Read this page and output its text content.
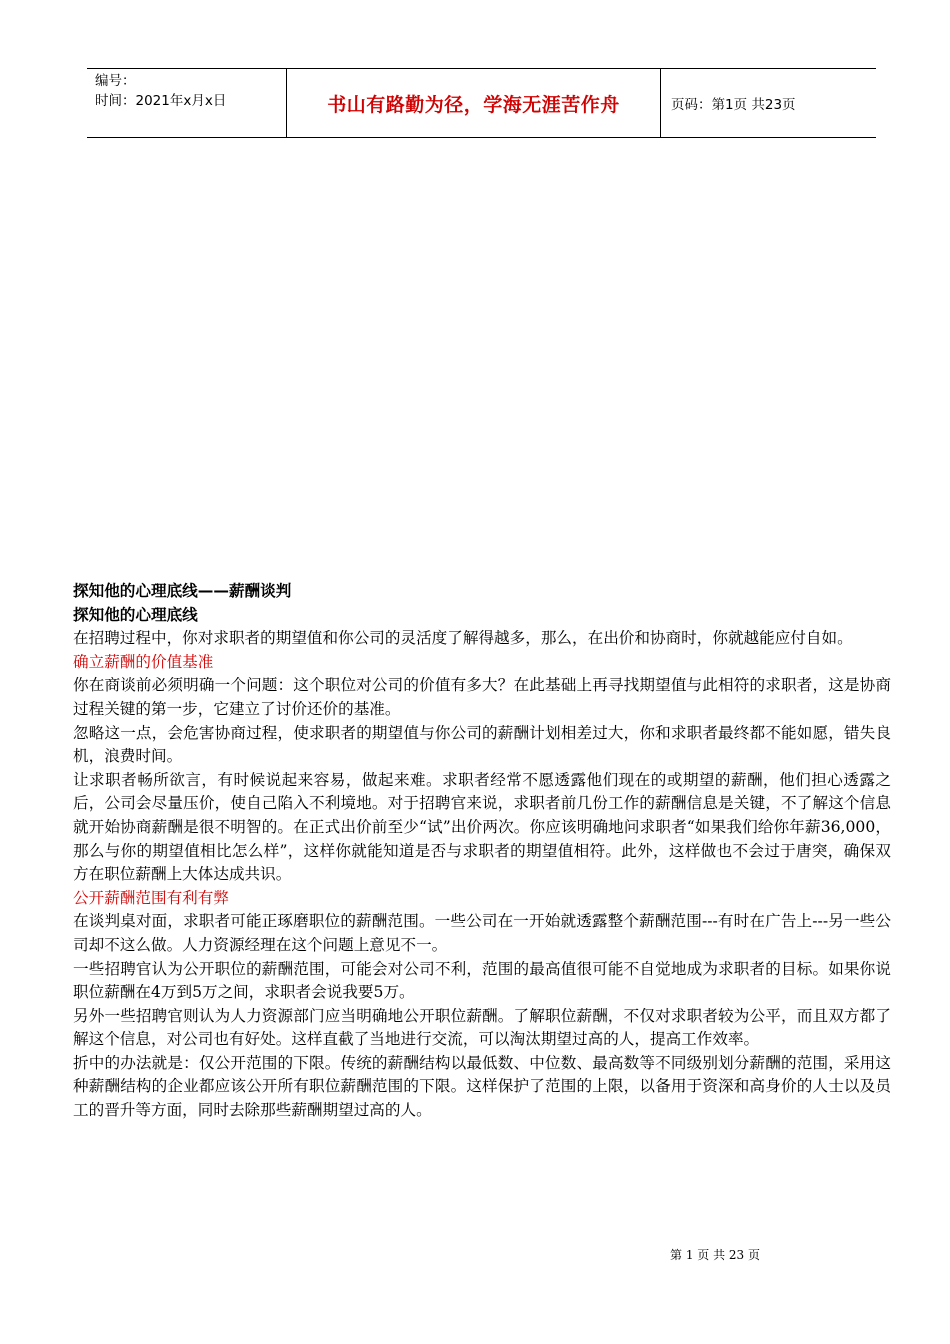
编号：
时间：2021年x月x日	书山有路勤为径，学海无涯苦作舟	页码：第1页 共23页

探知他的心理底线——薪酬谈判

探知他的心理底线

在招聘过程中，你对求职者的期望值和你公司的灵活度了解得越多，那么，在出价和协商时，你就越能应付自如。

确立薪酬的价值基准

你在商谈前必须明确一个问题：这个职位对公司的价值有多大？在此基础上再寻找期望值与此相符的求职者，这是协商过程关键的第一步，它建立了讨价还价的基准。

忽略这一点，会危害协商过程，使求职者的期望值与你公司的薪酬计划相差过大，你和求职者最终都不能如愿，错失良机，浪费时间。

让求职者畅所欲言，有时候说起来容易，做起来难。求职者经常不愿透露他们现在的或期望的薪酬，他们担心透露之后，公司会尽量压价，使自己陷入不利境地。对于招聘官来说，求职者前几份工作的薪酬信息是关键，不了解这个信息就开始协商薪酬是很不明智的。在正式出价前至少“试”出价两次。你应该明确地问求职者“如果我们给你年薪36,000，那么与你的期望值相比怎么样”，这样你就能知道是否与求职者的期望值相符。此外，这样做也不会过于唐突，确保双方在职位薪酬上大体达成共识。

公开薪酬范围有利有弊

在谈判桌对面，求职者可能正琢磨职位的薪酬范围。一些公司在一开始就透露整个薪酬范围---有时在广告上---另一些公司却不这么做。人力资源经理在这个问题上意见不一。

一些招聘官认为公开职位的薪酬范围，可能会对公司不利，范围的最高值很可能不自觉地成为求职者的目标。如果你说职位薪酬在4万到5万之间，求职者会说我要5万。

另外一些招聘官则认为人力资源部门应当明确地公开职位薪酬。了解职位薪酬，不仅对求职者较为公平，而且双方都了解这个信息，对公司也有好处。这样直截了当地进行交流，可以淘汰期望过高的人，提高工作效率。

折中的办法就是：仅公开范围的下限。传统的薪酬结构以最低数、中位数、最高数等不同级别划分薪酬的范围，采用这种薪酬结构的企业都应该公开所有职位薪酬范围的下限。这样保护了范围的上限，以备用于资深和高身价的人士以及员工的晋升等方面，同时去除那些薪酬期望过高的人。

第 1 页 共 23 页
